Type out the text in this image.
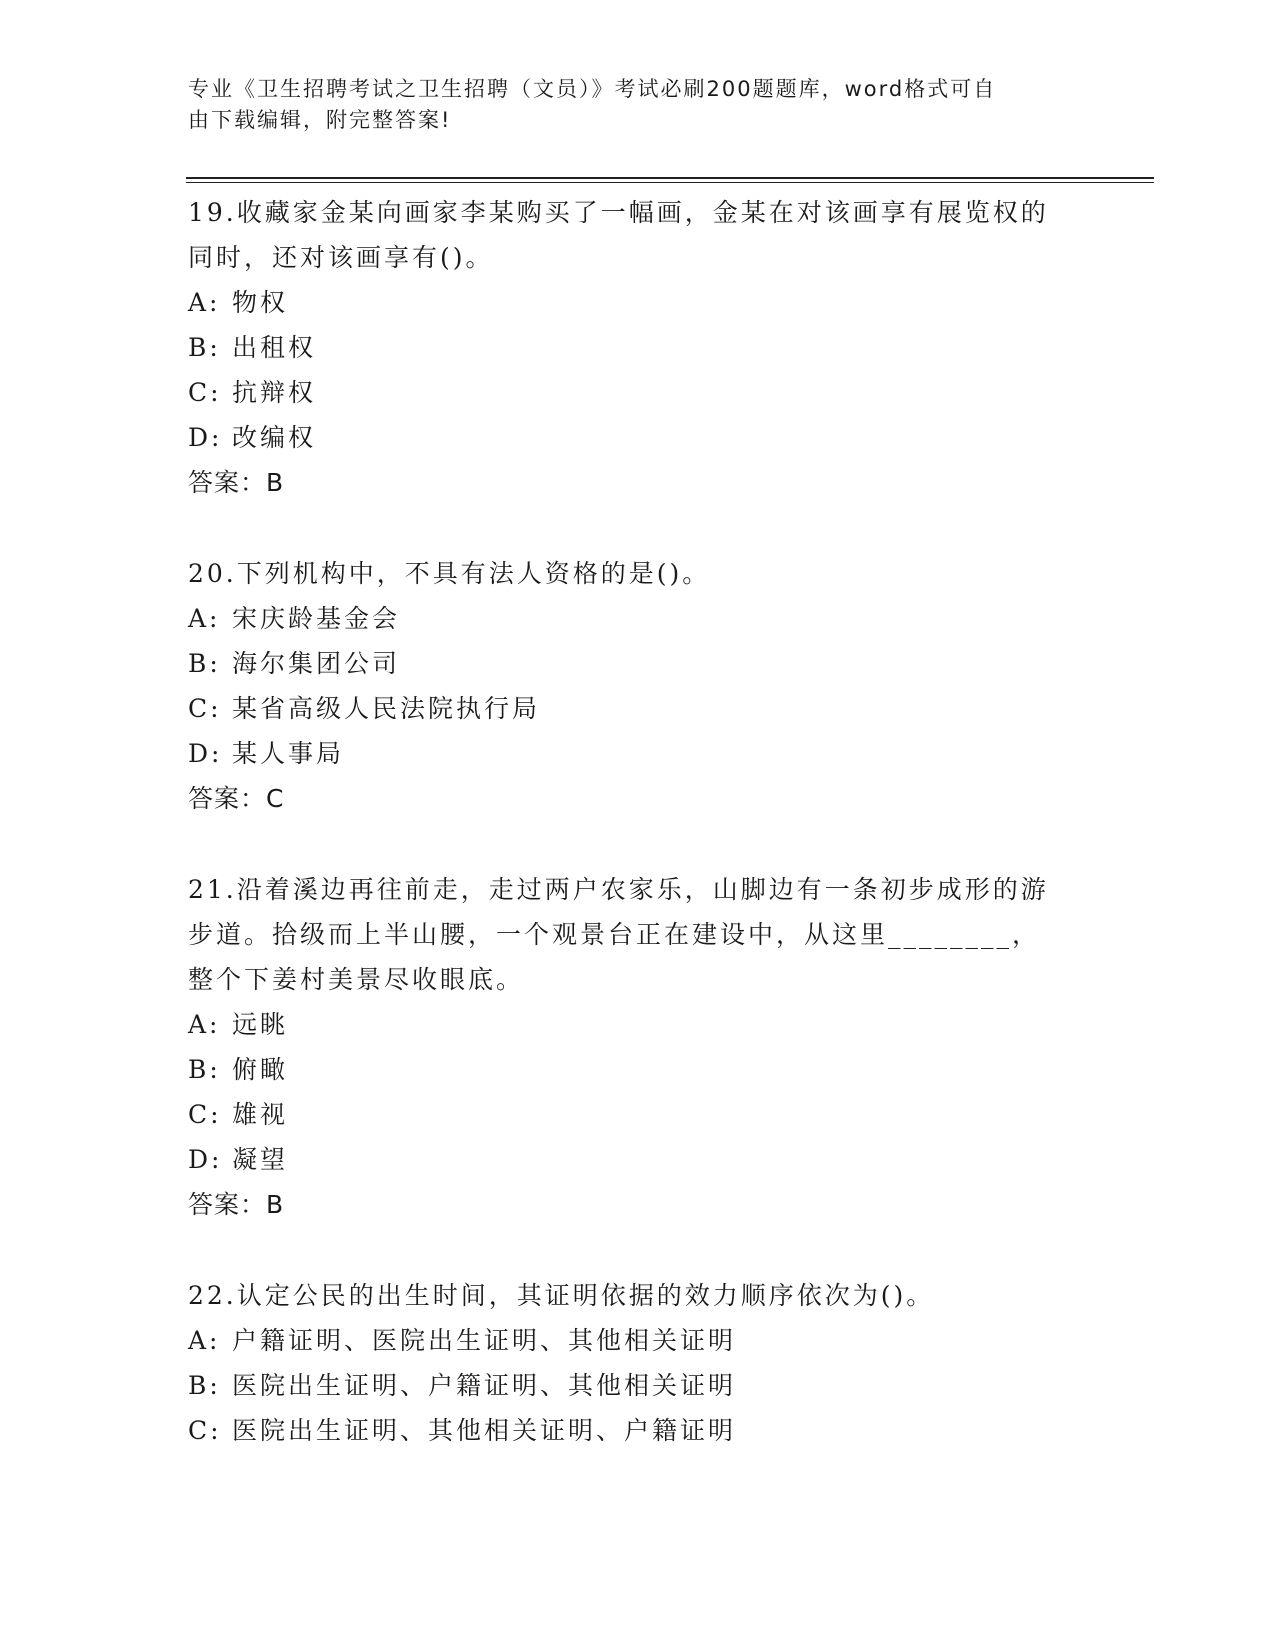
专业《卫生招聘考试之卫生招聘（文员）》考试必刷200题题库，word格式可自
由下载编辑，附完整答案!

19.收藏家金某向画家李某购买了一幅画，金某在对该画享有展览权的
同时，还对该画享有()。

A: 物权

B: 出租权

C: 抗辩权

D: 改编权

答案：B

20.下列机构中，不具有法人资格的是()。

A: 宋庆龄基金会

B: 海尔集团公司

C: 某省高级人民法院执行局

D: 某人事局

答案：C

21.沿着溪边再往前走，走过两户农家乐，山脚边有一条初步成形的游
步道。拾级而上半山腰，一个观景台正在建设中，从这里________，
整个下姜村美景尽收眼底。

A: 远眺

B: 俯瞰

C: 雄视

D: 凝望

答案：B

22.认定公民的出生时间，其证明依据的效力顺序依次为()。

A: 户籍证明、医院出生证明、其他相关证明

B: 医院出生证明、户籍证明、其他相关证明

C: 医院出生证明、其他相关证明、户籍证明
